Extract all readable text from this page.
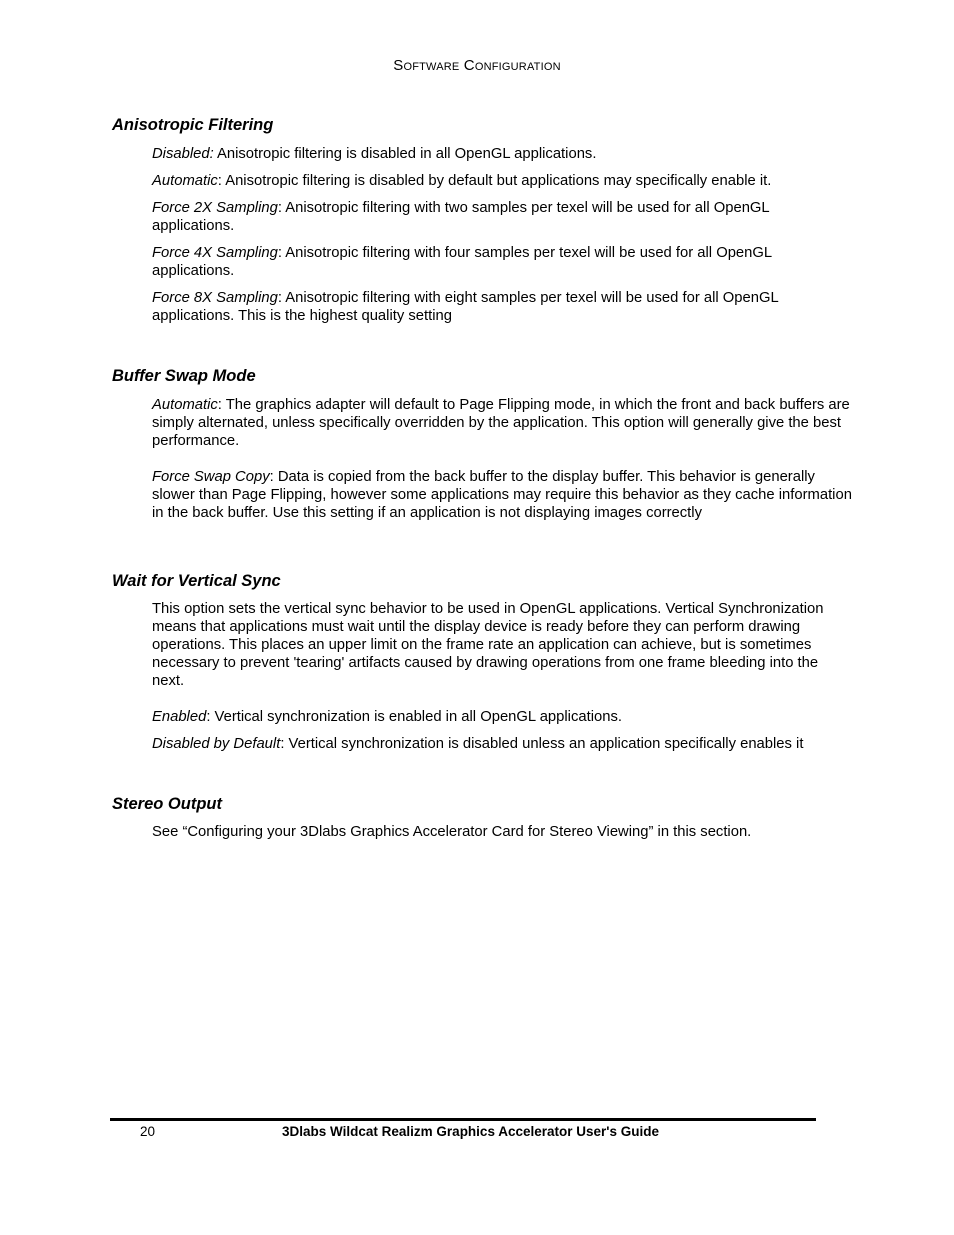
Software Configuration
Anisotropic Filtering

Disabled: Anisotropic filtering is disabled in all OpenGL applications.

Automatic: Anisotropic filtering is disabled by default but applications may specifically enable it.

Force 2X Sampling: Anisotropic filtering with two samples per texel will be used for all OpenGL applications.

Force 4X Sampling: Anisotropic filtering with four samples per texel will be used for all OpenGL applications.

Force 8X Sampling: Anisotropic filtering with eight samples per texel will be used for all OpenGL applications. This is the highest quality setting

Buffer Swap Mode

Automatic: The graphics adapter will default to Page Flipping mode, in which the front and back buffers are simply alternated, unless specifically overridden by the application. This option will generally give the best performance.

Force Swap Copy: Data is copied from the back buffer to the display buffer. This behavior is generally slower than Page Flipping, however some applications may require this behavior as they cache information in the back buffer. Use this setting if an application is not displaying images correctly

Wait for Vertical Sync

This option sets the vertical sync behavior to be used in OpenGL applications. Vertical Synchronization means that applications must wait until the display device is ready before they can perform drawing operations. This places an upper limit on the frame rate an application can achieve, but is sometimes necessary to prevent 'tearing' artifacts caused by drawing operations from one frame bleeding into the next.

Enabled: Vertical synchronization is enabled in all OpenGL applications.

Disabled by Default: Vertical synchronization is disabled unless an application specifically enables it

Stereo Output

See “Configuring your 3Dlabs Graphics Accelerator Card for Stereo Viewing” in this section.

20	3Dlabs Wildcat Realizm Graphics Accelerator User's Guide
